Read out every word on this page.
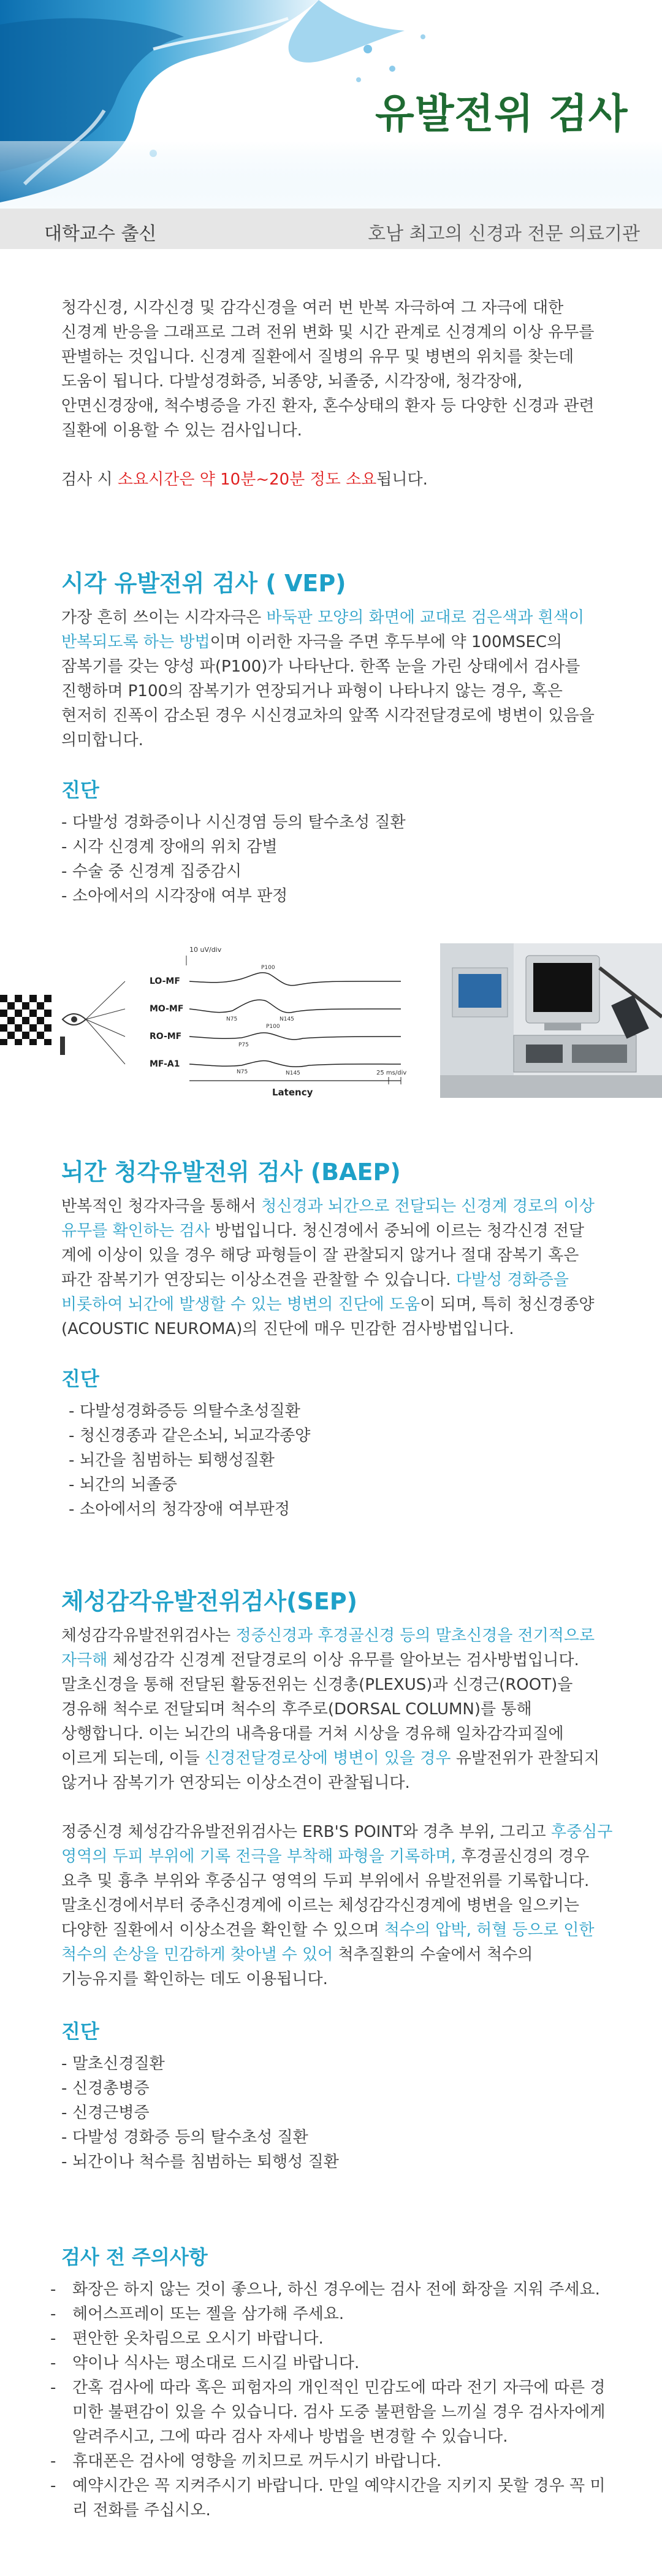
유발전위 검사
대학교수 출신	호남 최고의 신경과 전문 의료기관

청각신경, 시각신경 및 감각신경을 여러 번 반복 자극하여 그 자극에 대한 신경계 반응을 그래프로 그려 전위 변화 및 시간 관계로 신경계의 이상 유무를 판별하는 것입니다. 신경계 질환에서 질병의 유무 및 병변의 위치를 찾는데 도움이 됩니다. 다발성경화증, 뇌종양, 뇌졸중, 시각장애, 청각장애, 안면신경장애, 척수병증을 가진 환자, 혼수상태의 환자 등 다양한 신경과 관련 질환에 이용할 수 있는 검사입니다.

검사 시 소요시간은 약 10분~20분 정도 소요됩니다.

시각 유발전위 검사 ( VEP)

가장 흔히 쓰이는 시각자극은 바둑판 모양의 화면에 교대로 검은색과 흰색이 반복되도록 하는 방법이며 이러한 자극을 주면 후두부에 약 100MSEC의 잠복기를 갖는 양성 파(P100)가 나타난다. 한쪽 눈을 가린 상태에서 검사를 진행하며 P100의 잠복기가 연장되거나 파형이 나타나지 않는 경우, 혹은 현저히 진폭이 감소된 경우 시신경교차의 앞쪽 시각전달경로에 병변이 있음을 의미합니다.

진단
- 다발성 경화증이나 시신경염 등의 탈수초성 질환
- 시각 신경계 장애의 위치 감별
- 수술 중 신경계 집중감시
- 소아에서의 시각장애 여부 판정
10 uV/div
LO-MF
MO-MF
RO-MF
MF-A1
P100
N75	N145
P75
P100
N75	N145	25 ms/div
Latency
뇌간 청각유발전위 검사 (BAEP)

반복적인 청각자극을 통해서 청신경과 뇌간으로 전달되는 신경계 경로의 이상 유무를 확인하는 검사 방법입니다. 청신경에서 중뇌에 이르는 청각신경 전달 계에 이상이 있을 경우 해당 파형들이 잘 관찰되지 않거나 절대 잠복기 혹은 파간 잠복기가 연장되는 이상소견을 관찰할 수 있습니다. 다발성 경화증을 비롯하여 뇌간에 발생할 수 있는 병변의 진단에 도움이 되며, 특히 청신경종양(ACOUSTIC NEUROMA)의 진단에 매우 민감한 검사방법입니다.

진단
- 다발성경화증등 의탈수초성질환
- 청신경종과 같은소뇌, 뇌교각종양
- 뇌간을 침범하는 퇴행성질환
- 뇌간의 뇌졸중
- 소아에서의 청각장애 여부판정
체성감각유발전위검사(SEP)

체성감각유발전위검사는 정중신경과 후경골신경 등의 말초신경을 전기적으로 자극해 체성감각 신경계 전달경로의 이상 유무를 알아보는 검사방법입니다. 말초신경을 통해 전달된 활동전위는 신경총(PLEXUS)과 신경근(ROOT)을 경유해 척수로 전달되며 척수의 후주로(DORSAL COLUMN)를 통해 상행합니다. 이는 뇌간의 내측융대를 거쳐 시상을 경유해 일차감각피질에 이르게 되는데, 이들 신경전달경로상에 병변이 있을 경우 유발전위가 관찰되지 않거나 잠복기가 연장되는 이상소견이 관찰됩니다.

정중신경 체성감각유발전위검사는 ERB'S POINT와 경추 부위, 그리고 후중심구 영역의 두피 부위에 기록 전극을 부착해 파형을 기록하며, 후경골신경의 경우 요추 및 흉추 부위와 후중심구 영역의 두피 부위에서 유발전위를 기록합니다. 말초신경에서부터 중추신경계에 이르는 체성감각신경계에 병변을 일으키는 다양한 질환에서 이상소견을 확인할 수 있으며 척수의 압박, 허혈 등으로 인한 척수의 손상을 민감하게 찾아낼 수 있어 척추질환의 수술에서 척수의 기능유지를 확인하는 데도 이용됩니다.

진단
- 말초신경질환
- 신경총병증
- 신경근병증
- 다발성 경화증 등의 탈수초성 질환
- 뇌간이나 척수를 침범하는 퇴행성 질환
검사 전 주의사항
- 화장은 하지 않는 것이 좋으나, 하신 경우에는 검사 전에 화장을 지워 주세요.
- 헤어스프레이 또는 젤을 삼가해 주세요.
- 편안한 옷차림으로 오시기 바랍니다.
- 약이나 식사는 평소대로 드시길 바랍니다.
- 간혹 검사에 따라 혹은 피험자의 개인적인 민감도에 따라 전기 자극에 따른 경미한 불편감이 있을 수 있습니다. 검사 도중 불편함을 느끼실 경우 검사자에게 알려주시고, 그에 따라 검사 자세나 방법을 변경할 수 있습니다.
- 휴대폰은 검사에 영향을 끼치므로 꺼두시기 바랍니다.
- 예약시간은 꼭 지켜주시기 바랍니다. 만일 예약시간을 지키지 못할 경우 꼭 미리 전화를 주십시오.
